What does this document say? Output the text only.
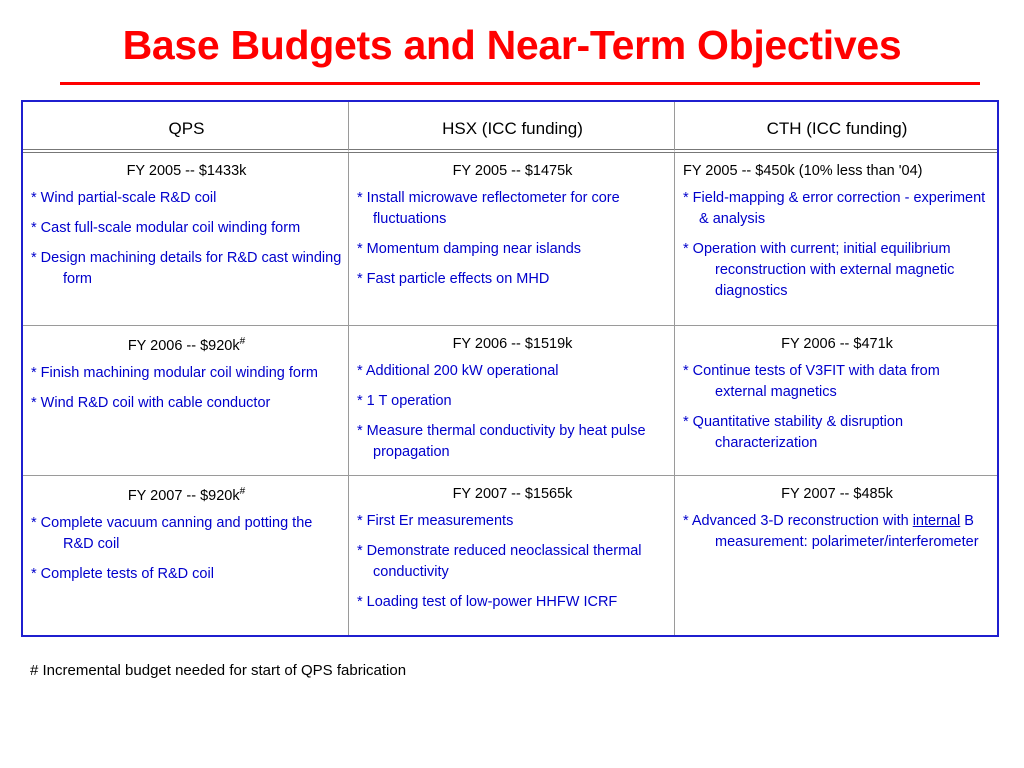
Base Budgets and Near-Term Objectives
QPS	HSX (ICC funding)	CTH (ICC funding)
FY 2005 -- $1433k
* Wind partial-scale R&D coil
* Cast full-scale modular coil winding form
* Design machining details for R&D cast winding form
FY 2005 -- $1475k
* Install microwave reflectometer for core fluctuations
* Momentum damping near islands
* Fast particle effects on MHD
FY 2005 -- $450k (10% less than '04)
* Field-mapping & error correction - experiment & analysis
* Operation with current; initial equilibrium reconstruction with external magnetic diagnostics
FY 2006 -- $920k#
* Finish machining modular coil winding form
* Wind R&D coil with cable conductor
FY 2006 -- $1519k
* Additional 200 kW operational
* 1 T operation
* Measure thermal conductivity by heat pulse propagation
FY 2006 -- $471k
* Continue tests of V3FIT with data from external magnetics
* Quantitative stability & disruption characterization
FY 2007 -- $920k#
* Complete vacuum canning and potting the R&D coil
* Complete tests of R&D coil
FY 2007 -- $1565k
* First Er measurements
* Demonstrate reduced neoclassical thermal conductivity
* Loading test of low-power HHFW ICRF
FY 2007 -- $485k
* Advanced 3-D reconstruction with internal B measurement: polarimeter/interferometer
# Incremental budget needed for start of QPS fabrication
